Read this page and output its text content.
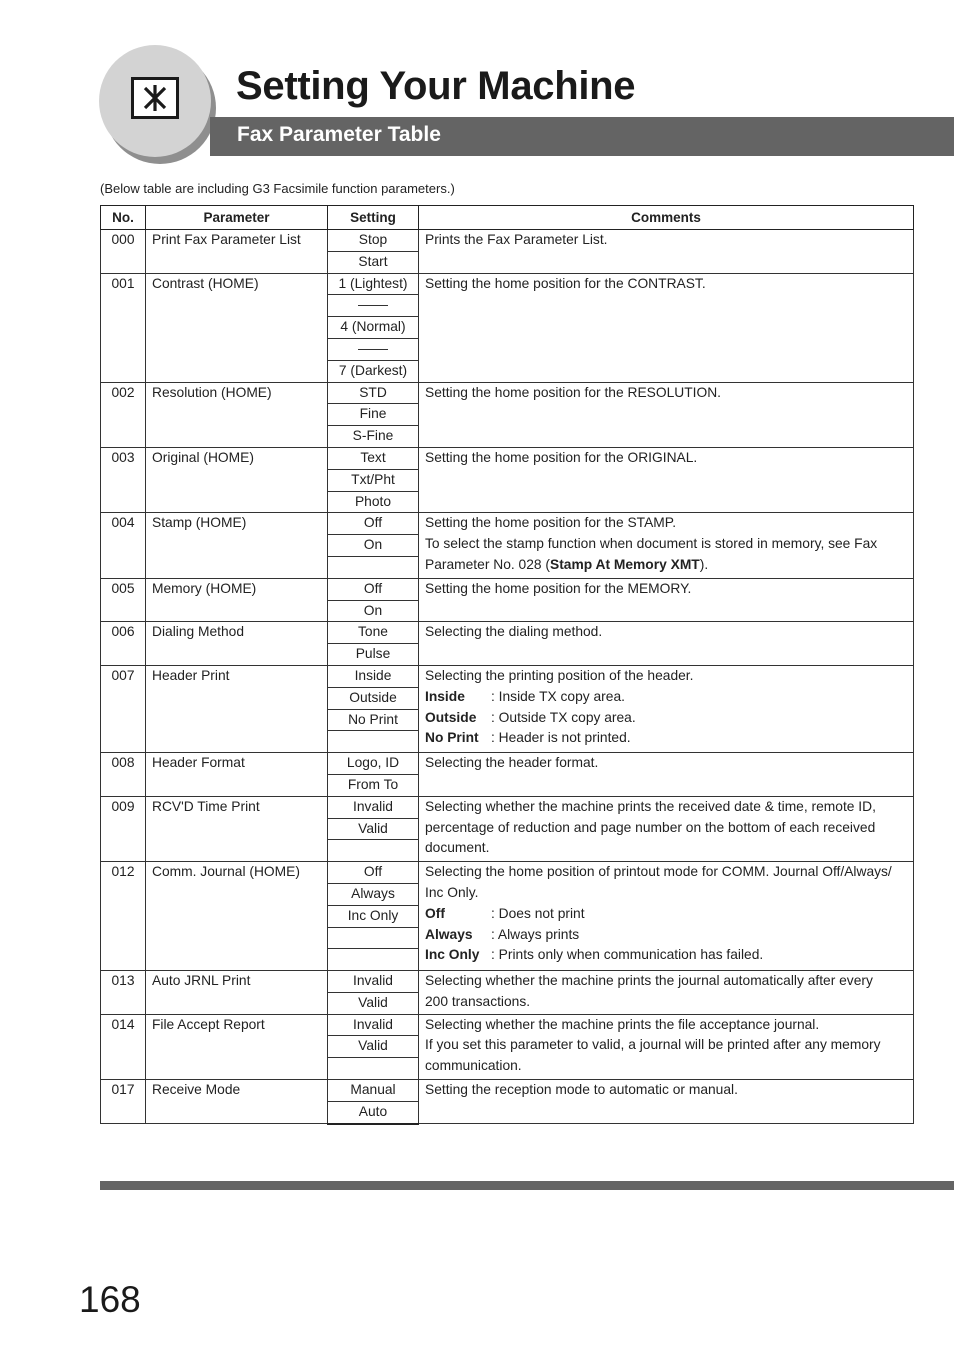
Setting Your Machine
Fax Parameter Table
(Below table are including G3 Facsimile function parameters.)
No.	Parameter	Setting	Comments
000	Print Fax Parameter List	Stop	Prints the Fax Parameter List.

		Start	
001	Contrast (HOME)	1 (Lightest)	Setting the home position for the CONTRAST.

		4 (Normal)	

		7 (Darkest)	
002	Resolution (HOME)	STD	Setting the home position for the RESOLUTION.

		Fine	
		S-Fine	
003	Original (HOME)	Text	Setting the home position for the ORIGINAL.

		Txt/Pht	
		Photo	
004	Stamp (HOME)	Off	Setting the home position for the STAMP.
To select the stamp function when document is stored in memory, see Fax
Parameter No. 028 (Stamp At Memory XMT).

		On	

005	Memory (HOME)	Off	Setting the home position for the MEMORY.

		On	
006	Dialing Method	Tone	Selecting the dialing method.

		Pulse	
007	Header Print	Inside	Selecting the printing position of the header.
Inside : Inside TX copy area.
Outside : Outside TX copy area.
No Print : Header is not printed.

		Outside	
		No Print	

008	Header Format	Logo, ID	Selecting the header format.

		From To	
009	RCV'D Time Print	Invalid	Selecting whether the machine prints the received date & time, remote ID,
percentage of reduction and page number on the bottom of each received
document.

		Valid	

012	Comm. Journal (HOME)	Off	Selecting the home position of printout mode for COMM. Journal Off/Always/
Inc Only.
Off : Does not print
Always : Always prints
Inc Only : Prints only when communication has failed.

		Always	
		Inc Only	

013	Auto JRNL Print	Invalid	Selecting whether the machine prints the journal automatically after every
200 transactions.

		Valid	
014	File Accept Report	Invalid	Selecting whether the machine prints the file acceptance journal.
If you set this parameter to valid, a journal will be printed after any memory
communication.

		Valid	

017	Receive Mode	Manual	Setting the reception mode to automatic or manual.

		Auto	
168
